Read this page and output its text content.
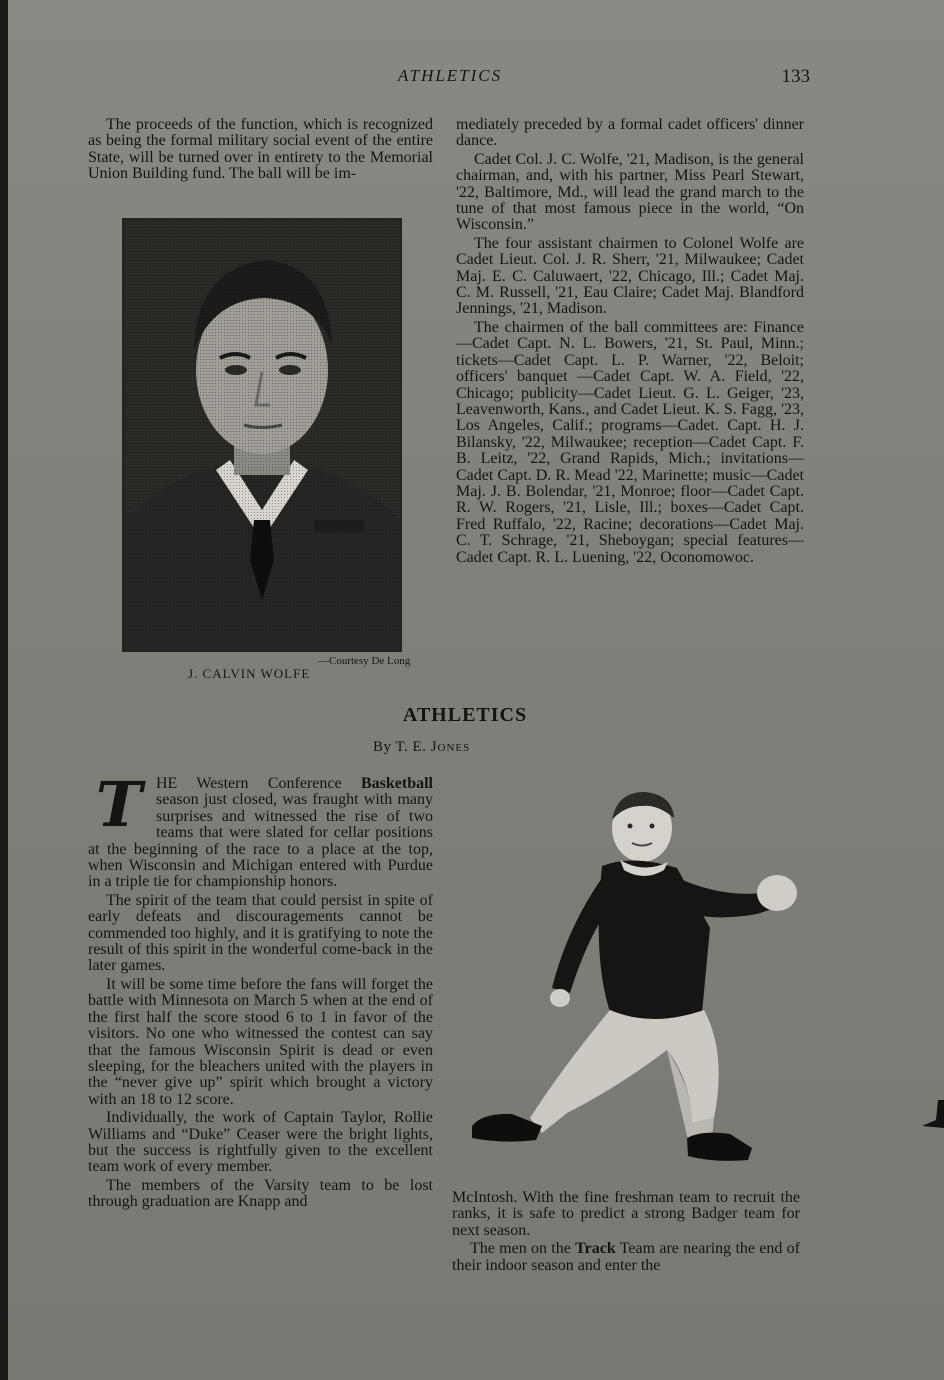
ATHLETICS	133

The proceeds of the function, which is recognized as being the formal military social event of the entire State, will be turned over in entirety to the Memorial Union Building fund. The ball will be im-

—Courtesy De Long
J. CALVIN WOLFE

mediately preceded by a formal cadet officers' dinner dance.

Cadet Col. J. C. Wolfe, '21, Madison, is the general chairman, and, with his partner, Miss Pearl Stewart, '22, Baltimore, Md., will lead the grand march to the tune of that most famous piece in the world, “On Wisconsin.”

The four assistant chairmen to Colonel Wolfe are Cadet Lieut. Col. J. R. Sherr, '21, Milwaukee; Cadet Maj. E. C. Caluwaert, '22, Chicago, Ill.; Cadet Maj. C. M. Russell, '21, Eau Claire; Cadet Maj. Blandford Jennings, '21, Madison.

The chairmen of the ball committees are: Finance—Cadet Capt. N. L. Bowers, '21, St. Paul, Minn.; tickets—Cadet Capt. L. P. Warner, '22, Beloit; officers' banquet —Cadet Capt. W. A. Field, '22, Chicago; publicity—Cadet Lieut. G. L. Geiger, '23, Leavenworth, Kans., and Cadet Lieut. K. S. Fagg, '23, Los Angeles, Calif.; programs—Cadet. Capt. H. J. Bilansky, '22, Milwaukee; reception—Cadet Capt. F. B. Leitz, '22, Grand Rapids, Mich.; invitations—Cadet Capt. D. R. Mead '22, Marinette; music—Cadet Maj. J. B. Bolendar, '21, Monroe; floor—Cadet Capt. R. W. Rogers, '21, Lisle, Ill.; boxes—Cadet Capt. Fred Ruffalo, '22, Racine; decorations—Cadet Maj. C. T. Schrage, '21, Sheboygan; special features—Cadet Capt. R. L. Luening, '22, Oconomowoc.

ATHLETICS
By T. E. Jones

THE Western Conference Basketball season just closed, was fraught with many surprises and witnessed the rise of two teams that were slated for cellar positions at the beginning of the race to a place at the top, when Wisconsin and Michigan entered with Purdue in a triple tie for championship honors.

The spirit of the team that could persist in spite of early defeats and discouragements cannot be commended too highly, and it is gratifying to note the result of this spirit in the wonderful come-back in the later games.

It will be some time before the fans will forget the battle with Minnesota on March 5 when at the end of the first half the score stood 6 to 1 in favor of the visitors. No one who witnessed the contest can say that the famous Wisconsin Spirit is dead or even sleeping, for the bleachers united with the players in the “never give up” spirit which brought a victory with an 18 to 12 score.

Individually, the work of Captain Taylor, Rollie Williams and “Duke” Ceaser were the bright lights, but the success is rightfully given to the excellent team work of every member.

The members of the Varsity team to be lost through graduation are Knapp and	McIntosh. With the fine freshman team to recruit the ranks, it is safe to predict a strong Badger team for next season.

The men on the Track Team are nearing the end of their indoor season and enter the
